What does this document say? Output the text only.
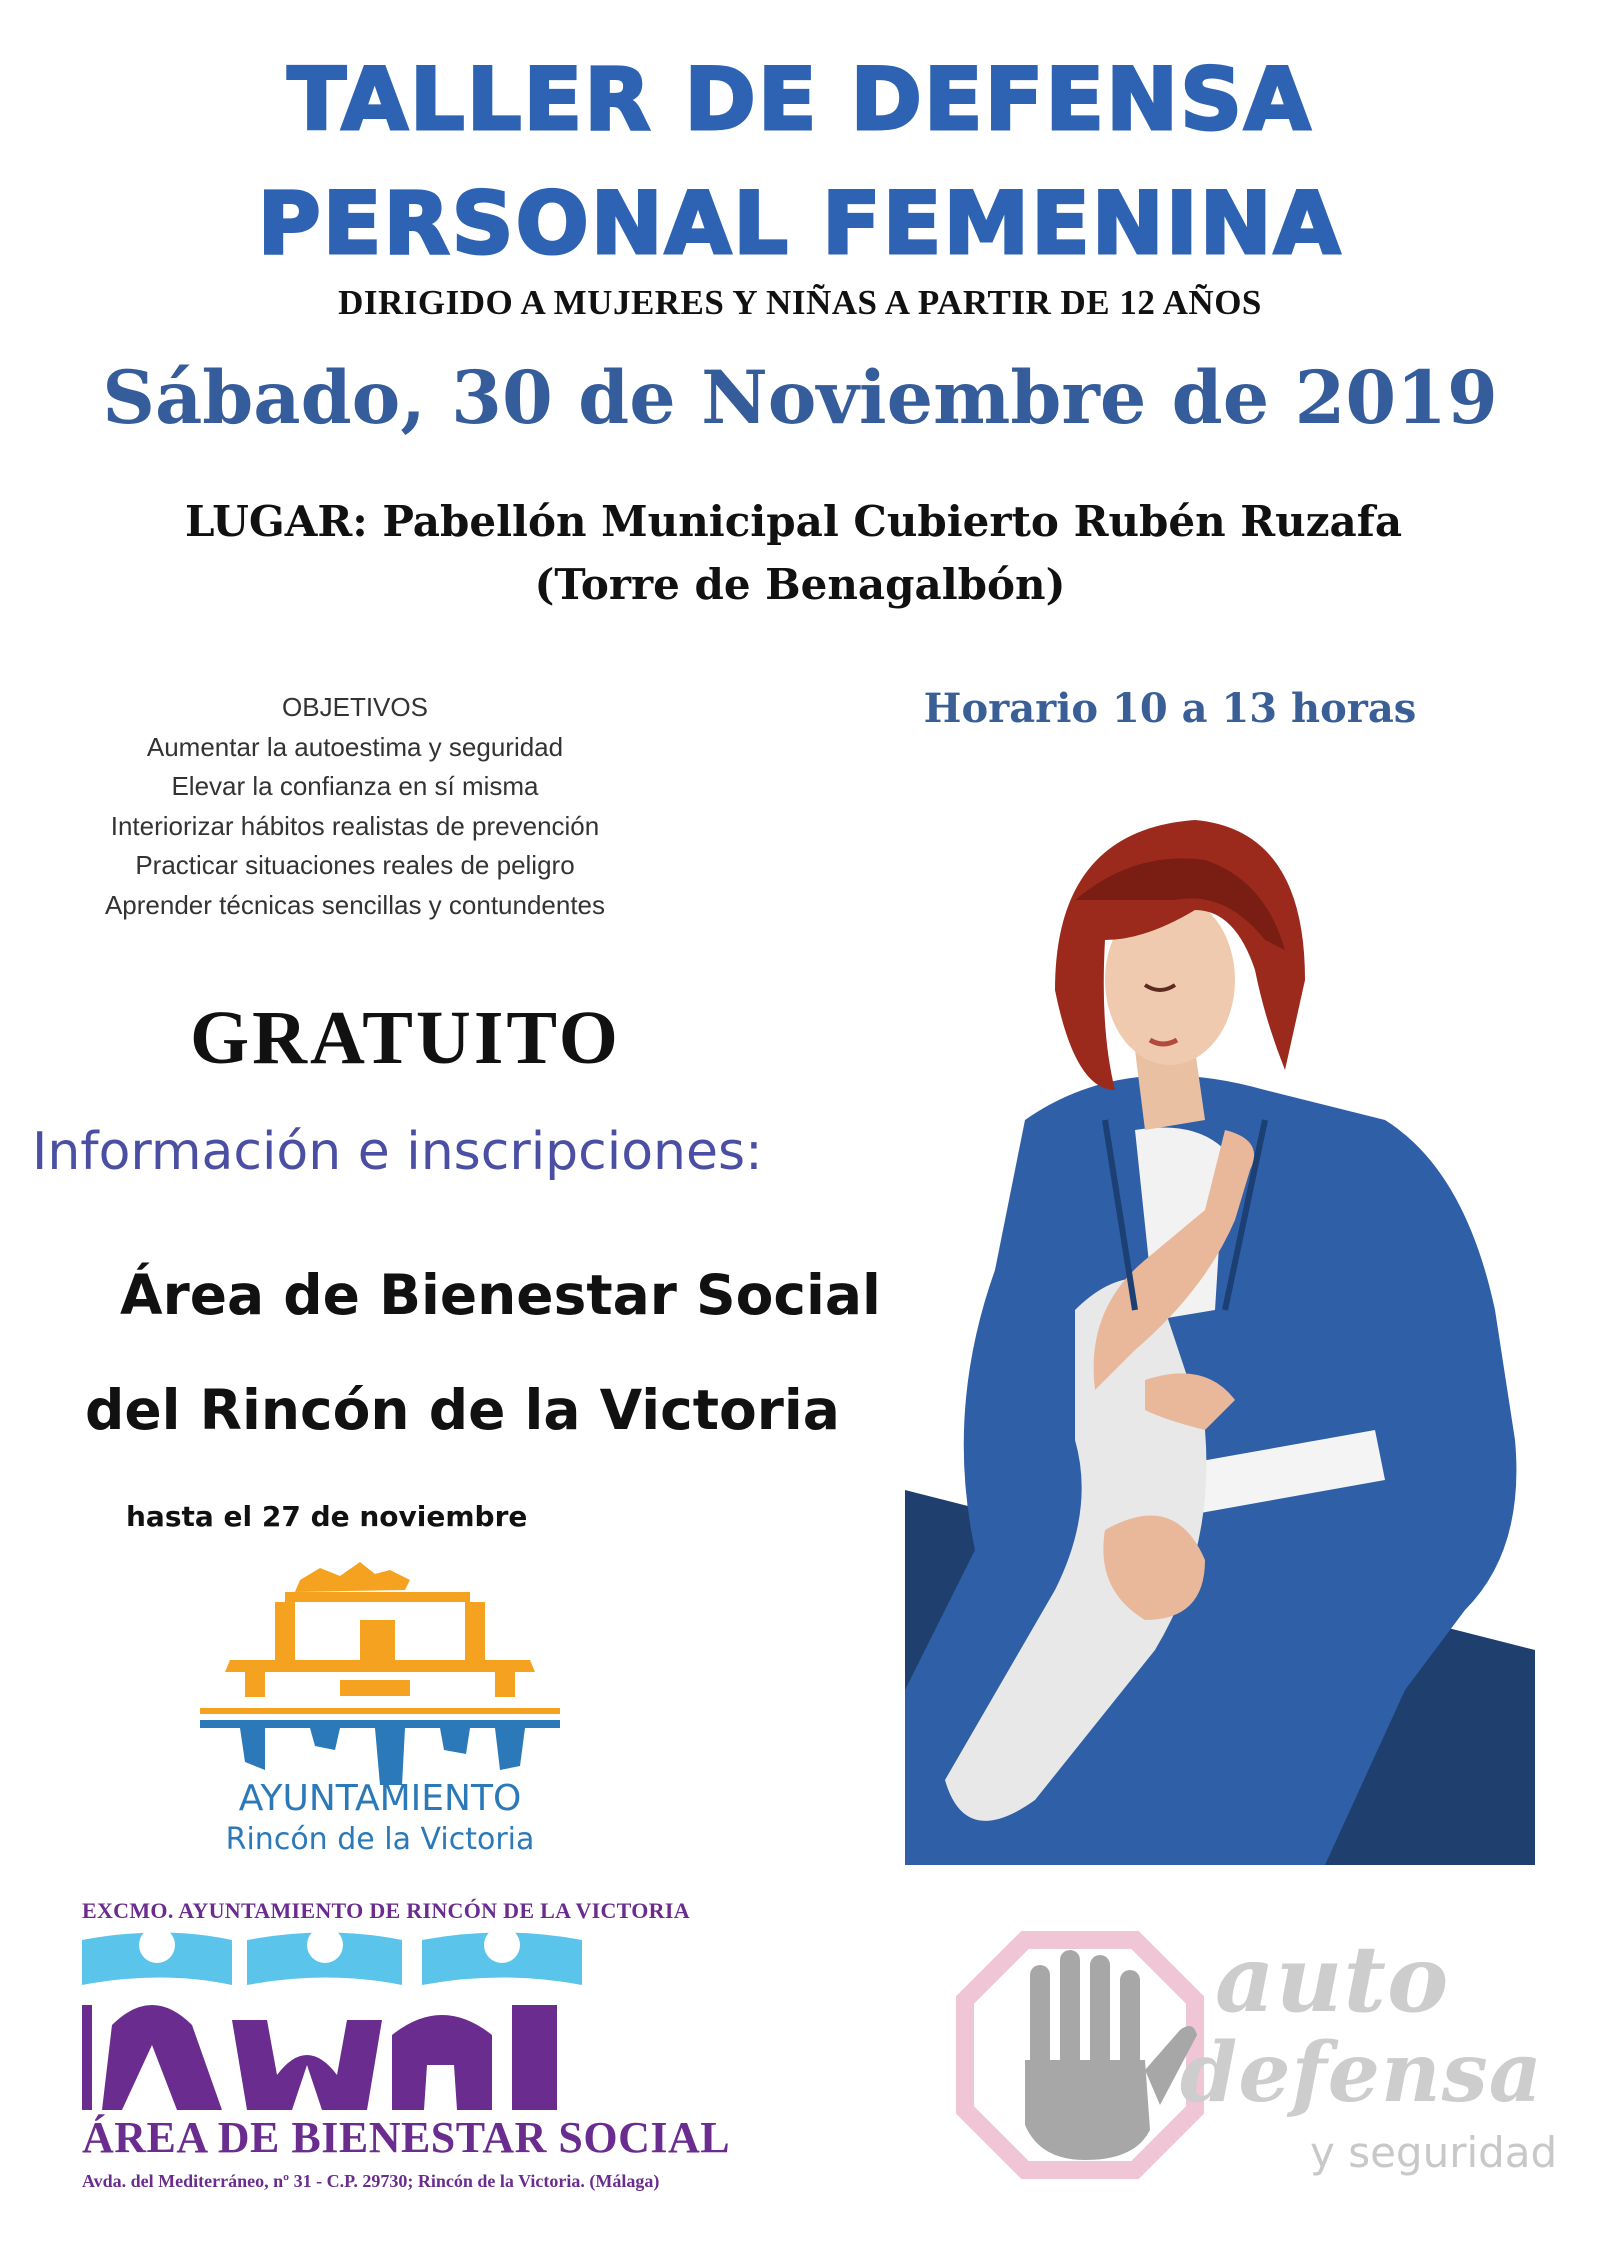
TALLER DE DEFENSA
PERSONAL FEMENINA
DIRIGIDO A MUJERES Y NIÑAS A PARTIR DE 12 AÑOS
Sábado, 30 de Noviembre de 2019
LUGAR: Pabellón Municipal Cubierto Rubén Ruzafa
(Torre de Benagalbón)
OBJETIVOS
Aumentar la autoestima y seguridad
Elevar la confianza en sí misma
Interiorizar hábitos realistas de prevención
Practicar situaciones reales de peligro
Aprender técnicas sencillas y contundentes
Horario 10 a 13 horas
GRATUITO
Información e inscripciones:
Área de Bienestar Social
del Rincón de la Victoria
hasta el 27 de noviembre
AYUNTAMIENTO
Rincón de la Victoria
EXCMO. AYUNTAMIENTO DE RINCÓN DE LA VICTORIA
ÁREA DE BIENESTAR SOCIAL
Avda. del Mediterráneo, nº 31 - C.P. 29730; Rincón de la Victoria. (Málaga)
auto
defensa
y seguridad
